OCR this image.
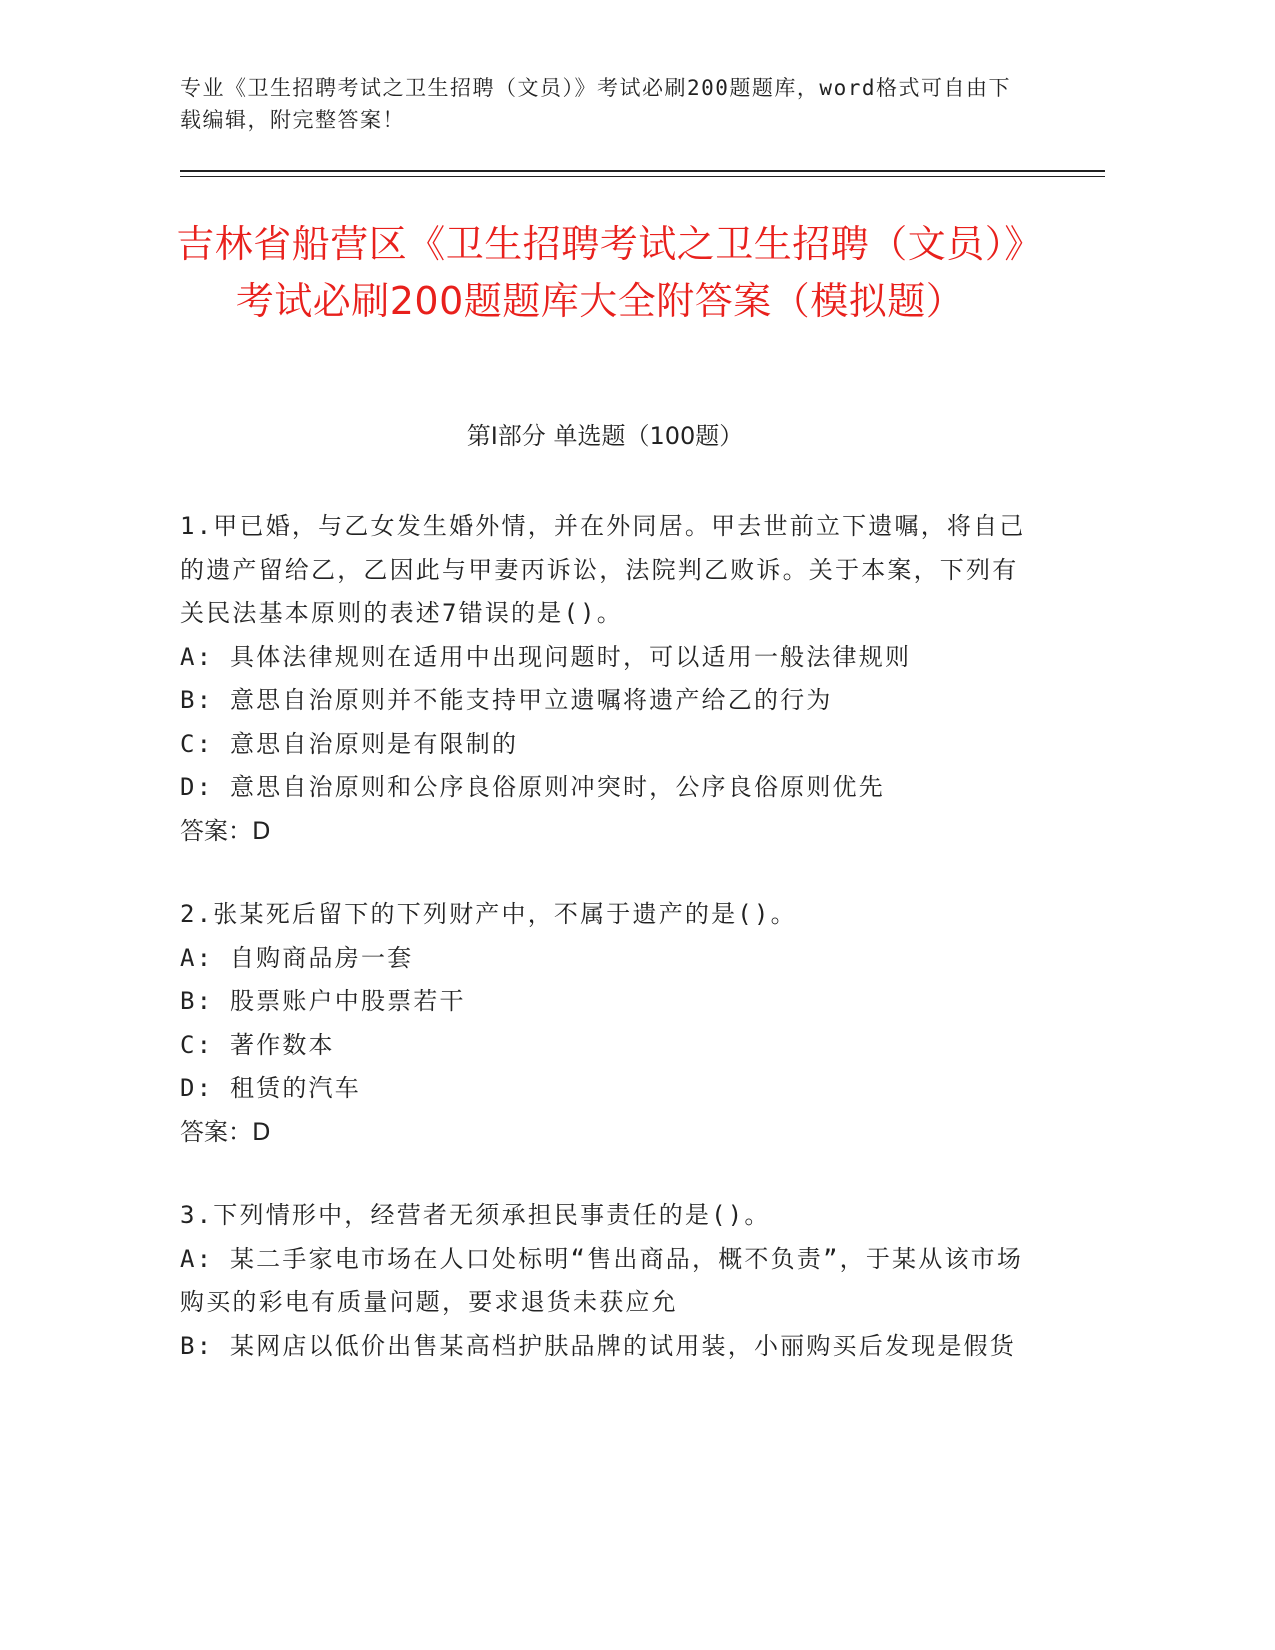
专业《卫生招聘考试之卫生招聘（文员）》考试必刷200题题库，word格式可自由下载编辑，附完整答案！
吉林省船营区《卫生招聘考试之卫生招聘（文员）》考试必刷200题题库大全附答案（模拟题）
第I部分 单选题（100题）
1.甲已婚，与乙女发生婚外情，并在外同居。甲去世前立下遗嘱，将自己的遗产留给乙，乙因此与甲妻丙诉讼，法院判乙败诉。关于本案，下列有关民法基本原则的表述7错误的是()。
A: 具体法律规则在适用中出现问题时，可以适用一般法律规则
B: 意思自治原则并不能支持甲立遗嘱将遗产给乙的行为
C: 意思自治原则是有限制的
D: 意思自治原则和公序良俗原则冲突时，公序良俗原则优先
答案：D
2.张某死后留下的下列财产中，不属于遗产的是()。
A: 自购商品房一套
B: 股票账户中股票若干
C: 著作数本
D: 租赁的汽车
答案：D
3.下列情形中，经营者无须承担民事责任的是()。
A: 某二手家电市场在人口处标明“售出商品，概不负责”，于某从该市场购买的彩电有质量问题，要求退货未获应允
B: 某网店以低价出售某高档护肤品牌的试用装，小丽购买后发现是假货
